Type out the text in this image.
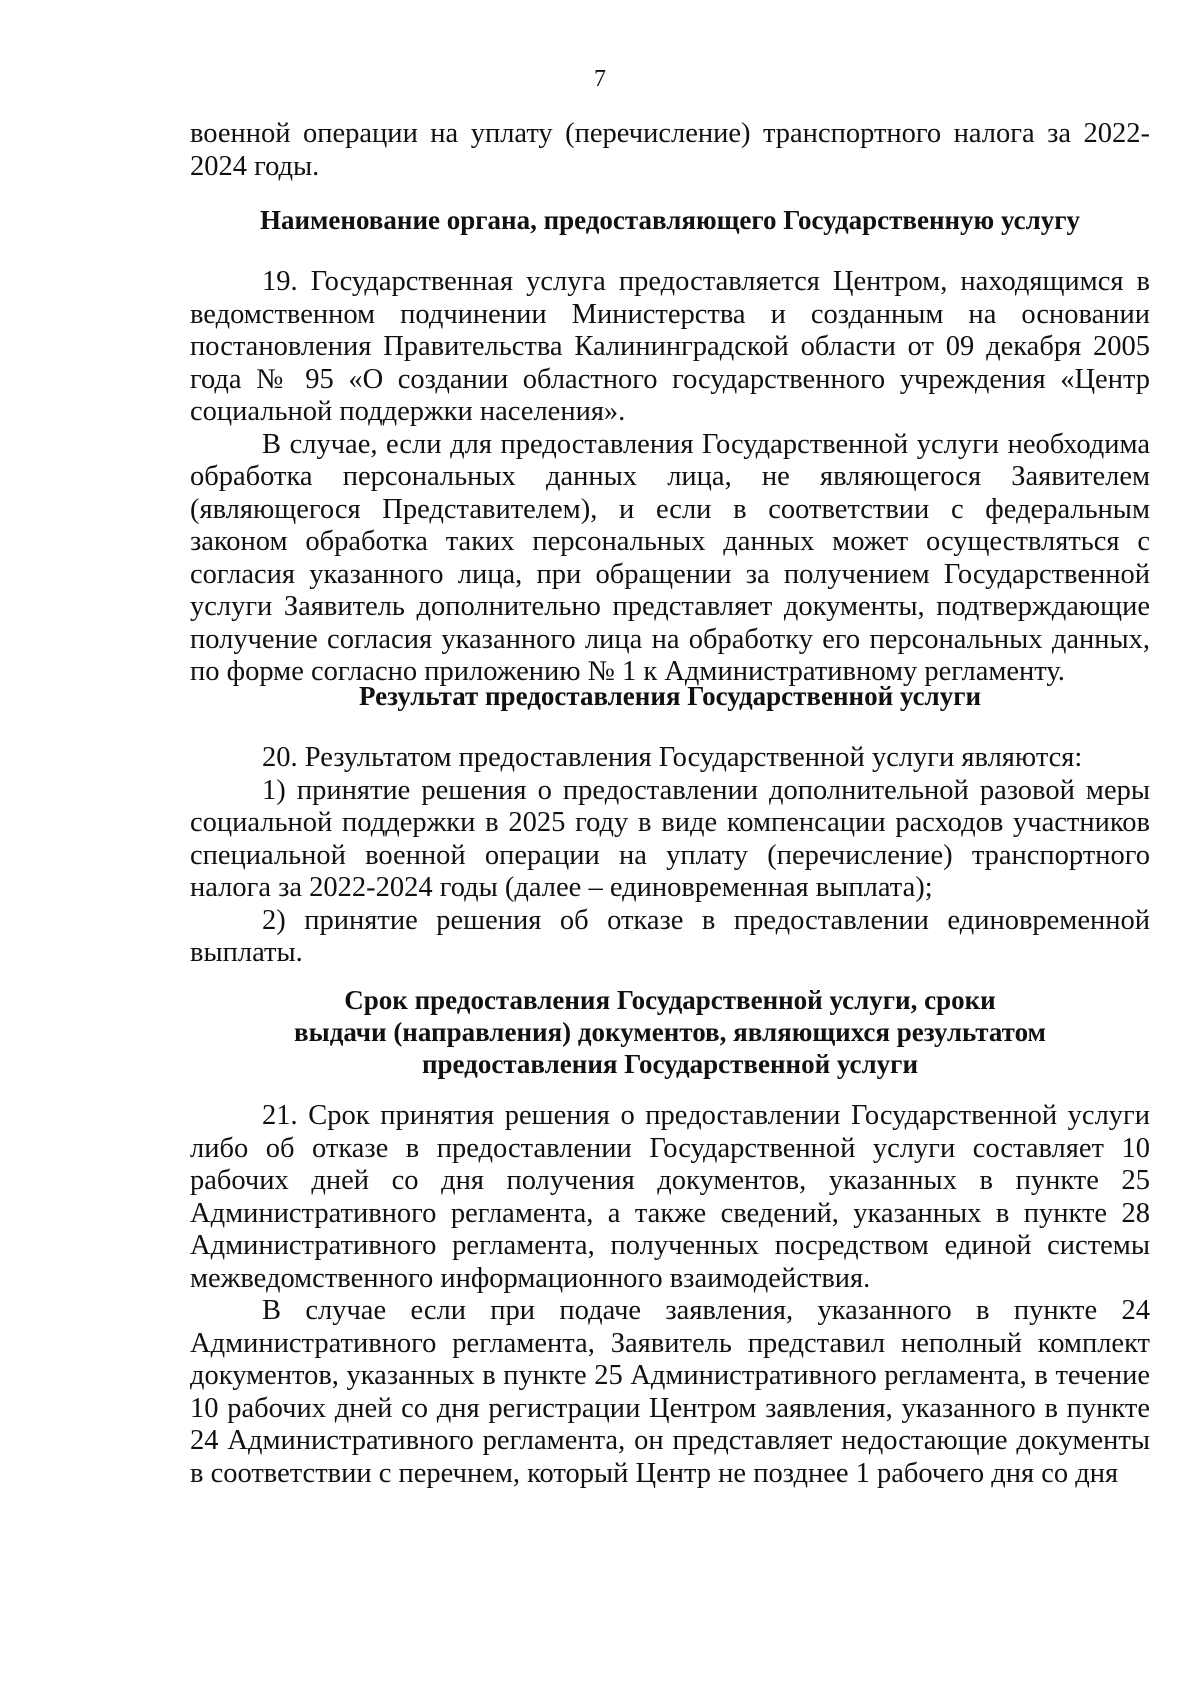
7

военной операции на уплату (перечисление) транспортного налога за 2022-2024 годы.

Наименование органа, предоставляющего Государственную услугу

19. Государственная услуга предоставляется Центром, находящимся в ведомственном подчинении Министерства и созданным на основании постановления Правительства Калининградской области от 09 декабря 2005 года № 95 «О создании областного государственного учреждения «Центр социальной поддержки населения».

В случае, если для предоставления Государственной услуги необходима обработка персональных данных лица, не являющегося Заявителем (являющегося Представителем), и если в соответствии с федеральным законом обработка таких персональных данных может осуществляться с согласия указанного лица, при обращении за получением Государственной услуги Заявитель дополнительно представляет документы, подтверждающие получение согласия указанного лица на обработку его персональных данных, по форме согласно приложению № 1 к Административному регламенту.

Результат предоставления Государственной услуги

20. Результатом предоставления Государственной услуги являются:

1) принятие решения о предоставлении дополнительной разовой меры социальной поддержки в 2025 году в виде компенсации расходов участников специальной военной операции на уплату (перечисление) транспортного налога за 2022-2024 годы (далее – единовременная выплата);

2) принятие решения об отказе в предоставлении единовременной выплаты.

Срок предоставления Государственной услуги, сроки
выдачи (направления) документов, являющихся результатом
предоставления Государственной услуги

21. Срок принятия решения о предоставлении Государственной услуги либо об отказе в предоставлении Государственной услуги составляет 10 рабочих дней со дня получения документов, указанных в пункте 25 Административного регламента, а также сведений, указанных в пункте 28 Административного регламента, полученных посредством единой системы межведомственного информационного взаимодействия.

В случае если при подаче заявления, указанного в пункте 24 Административного регламента, Заявитель представил неполный комплект документов, указанных в пункте 25 Административного регламента, в течение 10 рабочих дней со дня регистрации Центром заявления, указанного в пункте 24 Административного регламента, он представляет недостающие документы в соответствии с перечнем, который Центр не позднее 1 рабочего дня со дня
